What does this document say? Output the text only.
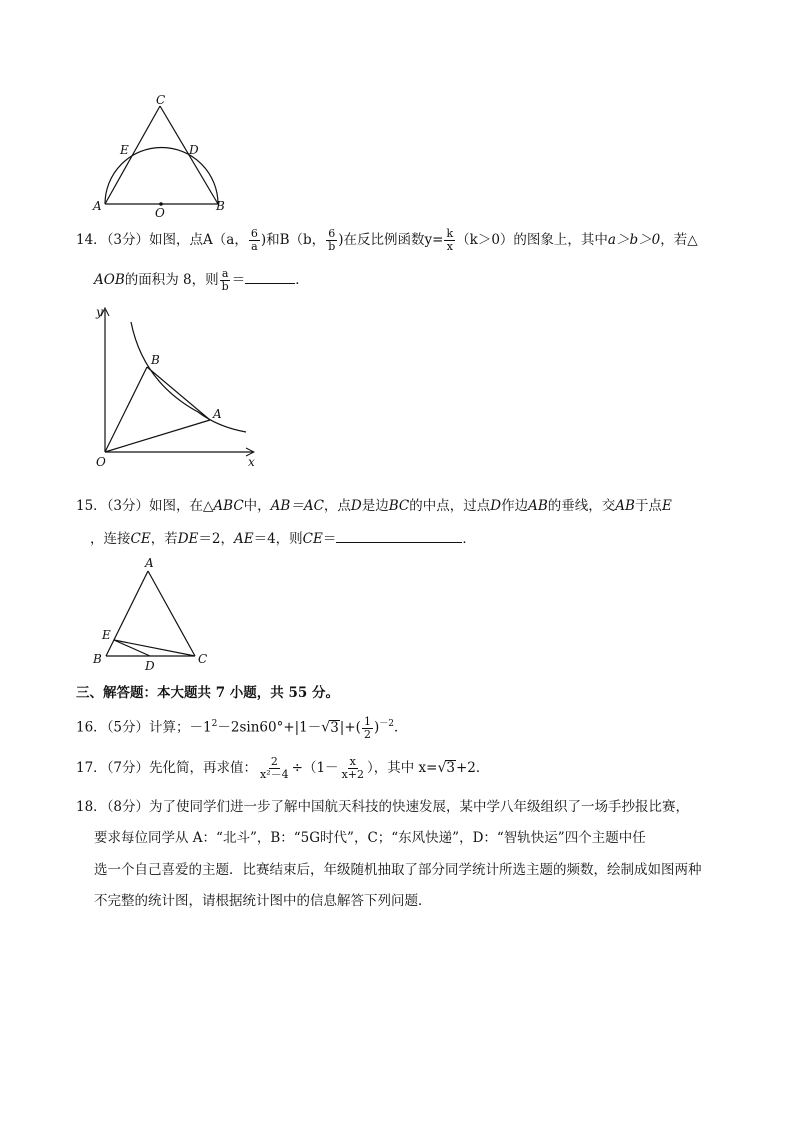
C
E	D
A	O	B
14．（3分）如图，点A（a， $\frac{6}{a}$ )和B（b， $\frac{6}{b}$ )在反比例函数$y= \frac{k}{x} (k>0)$的图象上，其中a＞b＞0，若△
AOB的面积为 8，则 $\frac{a}{b}$ ＝	．
y
x
O
A
B
15．（3分）如图，在△ABC中，AB＝AC，点D是边BC的中点，过点D作边AB的垂线，交AB于点E
，连接CE，若DE＝2，AE＝4，则CE＝	．
A
E
B	D	C
三、解答题：本大题共 7 小题，共 55 分。
16．（5分）计算；$-1^2-2\sin 60^\circ+|1-√3|+( \frac{1}{2} )^{-2}$．
17．（7分）先化简，再求值： $\frac{2}{\text{x²－4}} \div(1- \frac{x}{x+2}$ ），其中 x=√3+2．
18．（8分）为了使同学们进一步了解中国航天科技的快速发展，某中学八年级组织了一场手抄报比赛，
要求每位同学从 A：“北斗”，B：“5G时代”，C；“东风快递”，D：“智轨快运”四个主题中任
选一个自己喜爱的主题．比赛结束后，年级随机抽取了部分同学统计所选主题的频数，绘制成如图两种
不完整的统计图，请根据统计图中的信息解答下列问题．
